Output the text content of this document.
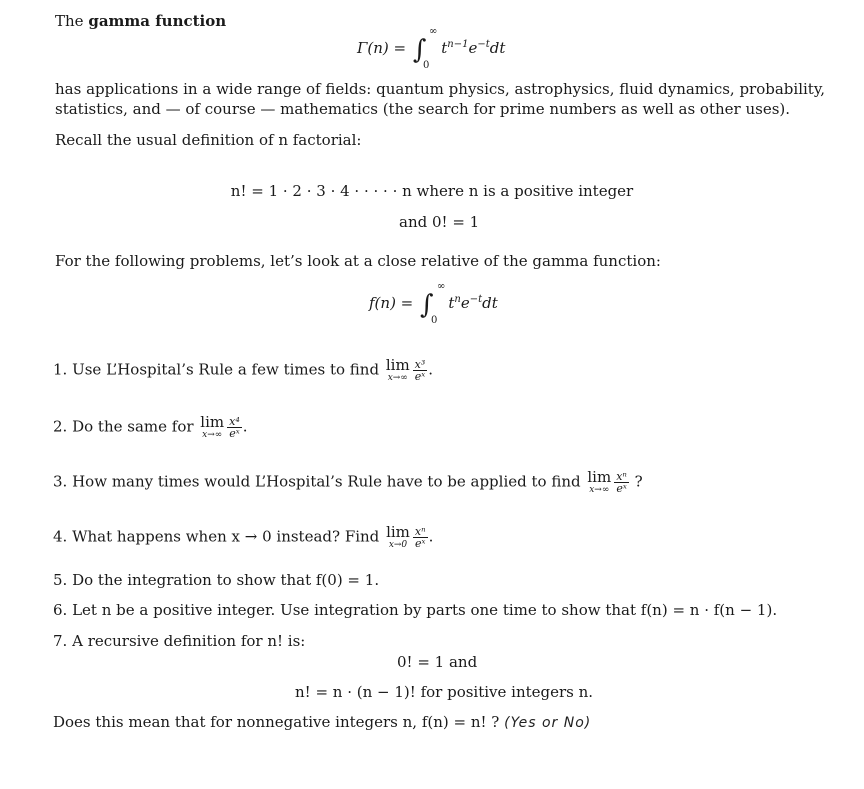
The gamma function
Γ(n) = ∫
∞
0
$t^{n-1}e^{-t}dt$
has applications in a wide range of fields: quantum physics, astrophysics, fluid dynamics, probability,
statistics, and — of course — mathematics (the search for prime numbers as well as other uses).
Recall the usual definition of n factorial:
n! = 1 · 2 · 3 · 4 · · · · · n where n is a positive integer
and 0! = 1
For the following problems, let’s look at a close relative of the gamma function:
f(n) = ∫
∞
0
$t^ne^{-t}dt$
1. Use L’Hospital’s Rule a few times to find lim
$x\to\infty \frac{\text{x³}}{\text{eˣ}}$ .
2. Do the same for lim
$x\to\infty \frac{\text{x⁴}}{\text{eˣ}}$ .
3. How many times would L’Hospital’s Rule have to be applied to find lim
$x\to\infty \frac{\text{xⁿ}}{\text{eˣ}}$ ?
4. What happens when x → 0 instead? Find lim
$x\to 0 \frac{\text{xⁿ}}{\text{eˣ}}$ .
5. Do the integration to show that f(0) = 1.
6. Let n be a positive integer. Use integration by parts one time to show that f(n) = n · f(n − 1).
7. A recursive definition for n! is:
0! = 1 and
n! = n · (n − 1)! for positive integers n.
Does this mean that for nonnegative integers n, f(n) = n! ? (Yes or No)
